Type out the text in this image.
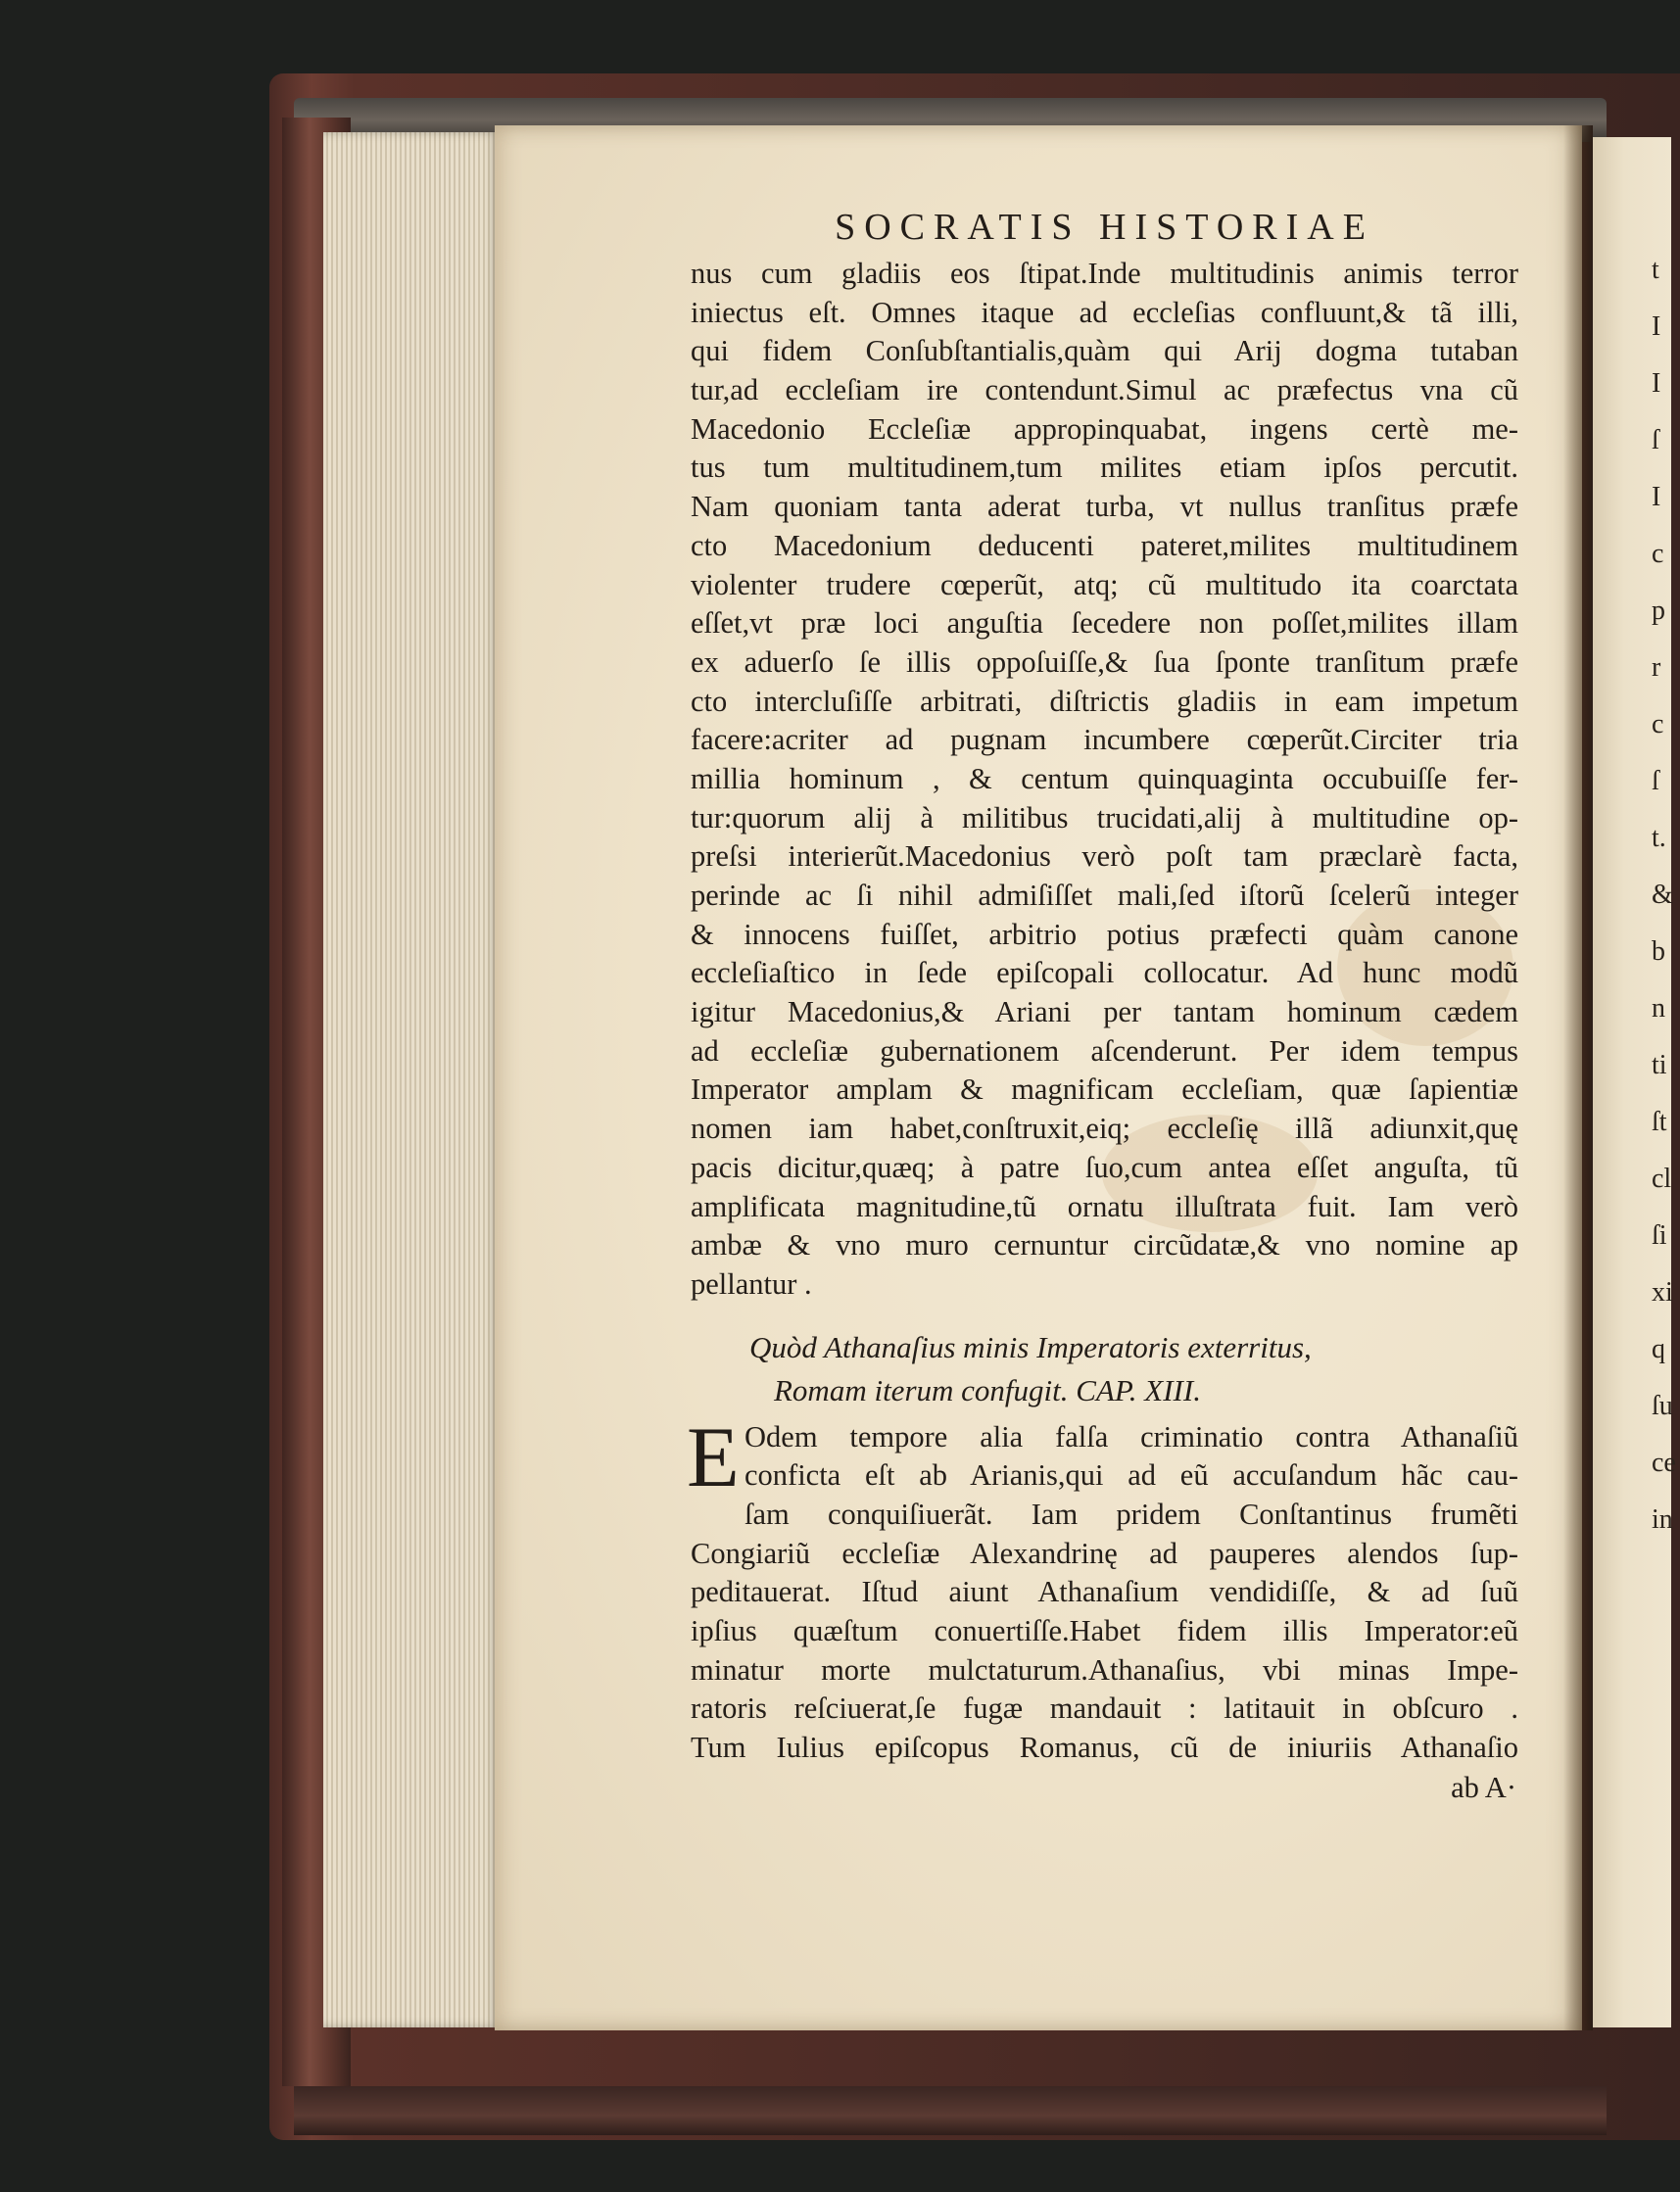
t
I
I
ſ
I
c
p
r
c
ſ
t.
&
b
n
ti
ſt
cl
ſi
xi
q
ſu
ce
in
SOCRATIS HISTORIAE
nus cum gladiis eos ſtipat.Inde multitudinis animis terror
iniectus eſt. Omnes itaque ad eccleſias confluunt,& tã illi,
qui fidem Conſubſtantialis,quàm qui Arij dogma tutaban
tur,ad eccleſiam ire contendunt.Simul ac præfectus vna cũ
Macedonio Eccleſiæ appropinquabat, ingens certè me-
tus tum multitudinem,tum milites etiam ipſos percutit.
Nam quoniam tanta aderat turba, vt nullus tranſitus præfe
cto Macedonium deducenti pateret,milites multitudinem
violenter trudere cœperũt, atq; cũ multitudo ita coarctata
eſſet,vt præ loci anguſtia ſecedere non poſſet,milites illam
ex aduerſo ſe illis oppoſuiſſe,& ſua ſponte tranſitum præfe
cto intercluſiſſe arbitrati, diſtrictis gladiis in eam impetum
facere:acriter ad pugnam incumbere cœperũt.Circiter tria
millia hominum , & centum quinquaginta occubuiſſe fer-
tur:quorum alij à militibus trucidati,alij à multitudine op-
preſsi interierũt.Macedonius verò poſt tam præclarè facta,
perinde ac ſi nihil admiſiſſet mali,ſed iſtorũ ſcelerũ integer
& innocens fuiſſet, arbitrio potius præfecti quàm canone
eccleſiaſtico in ſede epiſcopali collocatur. Ad hunc modũ
igitur Macedonius,& Ariani per tantam hominum cædem
ad eccleſiæ gubernationem aſcenderunt. Per idem tempus
Imperator amplam & magnificam eccleſiam, quæ ſapientiæ
nomen iam habet,conſtruxit,eiq; eccleſię illã adiunxit,quę
pacis dicitur,quæq; à patre ſuo,cum antea eſſet anguſta, tũ
amplificata magnitudine,tũ ornatu illuſtrata fuit. Iam verò
ambæ & vno muro cernuntur circũdatæ,& vno nomine ap
pellantur .
Quòd Athanaſius minis Imperatoris exterritus,
Romam iterum confugit. CAP. XIII.
E Odem tempore alia falſa criminatio contra Athanaſiũ
conficta eſt ab Arianis,qui ad eũ accuſandum hãc cau-
ſam conquiſiuerãt. Iam pridem Conſtantinus frumẽti
Congiariũ eccleſiæ Alexandrinę ad pauperes alendos ſup-
peditauerat. Iſtud aiunt Athanaſium vendidiſſe, & ad ſuũ
ipſius quæſtum conuertiſſe.Habet fidem illis Imperator:eũ
minatur morte mulctaturum.Athanaſius, vbi minas Impe-
ratoris reſciuerat,ſe fugæ mandauit : latitauit in obſcuro .
Tum Iulius epiſcopus Romanus, cũ de iniuriis Athanaſio
ab A·
